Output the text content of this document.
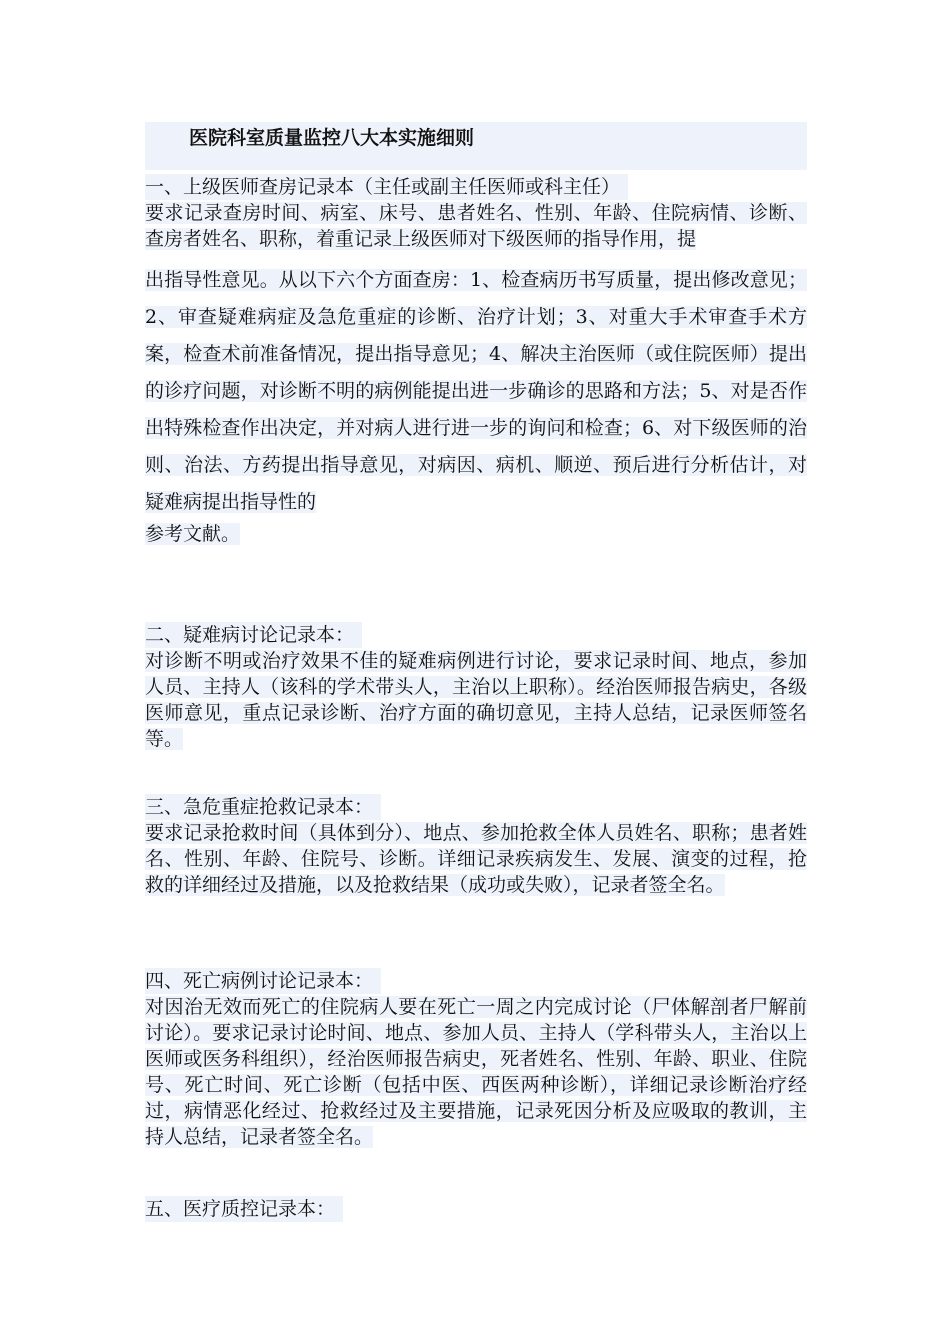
医院科室质量监控八大本实施细则
一、上级医师查房记录本（主任或副主任医师或科主任）
要求记录查房时间、病室、床号、患者姓名、性别、年龄、住院病情、诊断、查房者姓名、职称，着重记录上级医师对下级医师的指导作用，提
出指导性意见。从以下六个方面查房：1、检查病历书写质量，提出修改意见；2、审查疑难病症及急危重症的诊断、治疗计划；3、对重大手术审查手术方案，检查术前准备情况，提出指导意见；4、解决主治医师（或住院医师）提出的诊疗问题，对诊断不明的病例能提出进一步确诊的思路和方法；5、对是否作出特殊检查作出决定，并对病人进行进一步的询问和检查；6、对下级医师的治则、治法、方药提出指导意见，对病因、病机、顺逆、预后进行分析估计，对疑难病提出指导性的
参考文献。
二、疑难病讨论记录本：
对诊断不明或治疗效果不佳的疑难病例进行讨论，要求记录时间、地点，参加人员、主持人（该科的学术带头人，主治以上职称）。经治医师报告病史，各级医师意见，重点记录诊断、治疗方面的确切意见，主持人总结，记录医师签名等。
三、急危重症抢救记录本：
要求记录抢救时间（具体到分）、地点、参加抢救全体人员姓名、职称；患者姓名、性别、年龄、住院号、诊断。详细记录疾病发生、发展、演变的过程，抢救的详细经过及措施，以及抢救结果（成功或失败），记录者签全名。
四、死亡病例讨论记录本：
对因治无效而死亡的住院病人要在死亡一周之内完成讨论（尸体解剖者尸解前讨论）。要求记录讨论时间、地点、参加人员、主持人（学科带头人，主治以上医师或医务科组织），经治医师报告病史，死者姓名、性别、年龄、职业、住院号、死亡时间、死亡诊断（包括中医、西医两种诊断），详细记录诊断治疗经过，病情恶化经过、抢救经过及主要措施，记录死因分析及应吸取的教训，主持人总结，记录者签全名。
五、医疗质控记录本：
